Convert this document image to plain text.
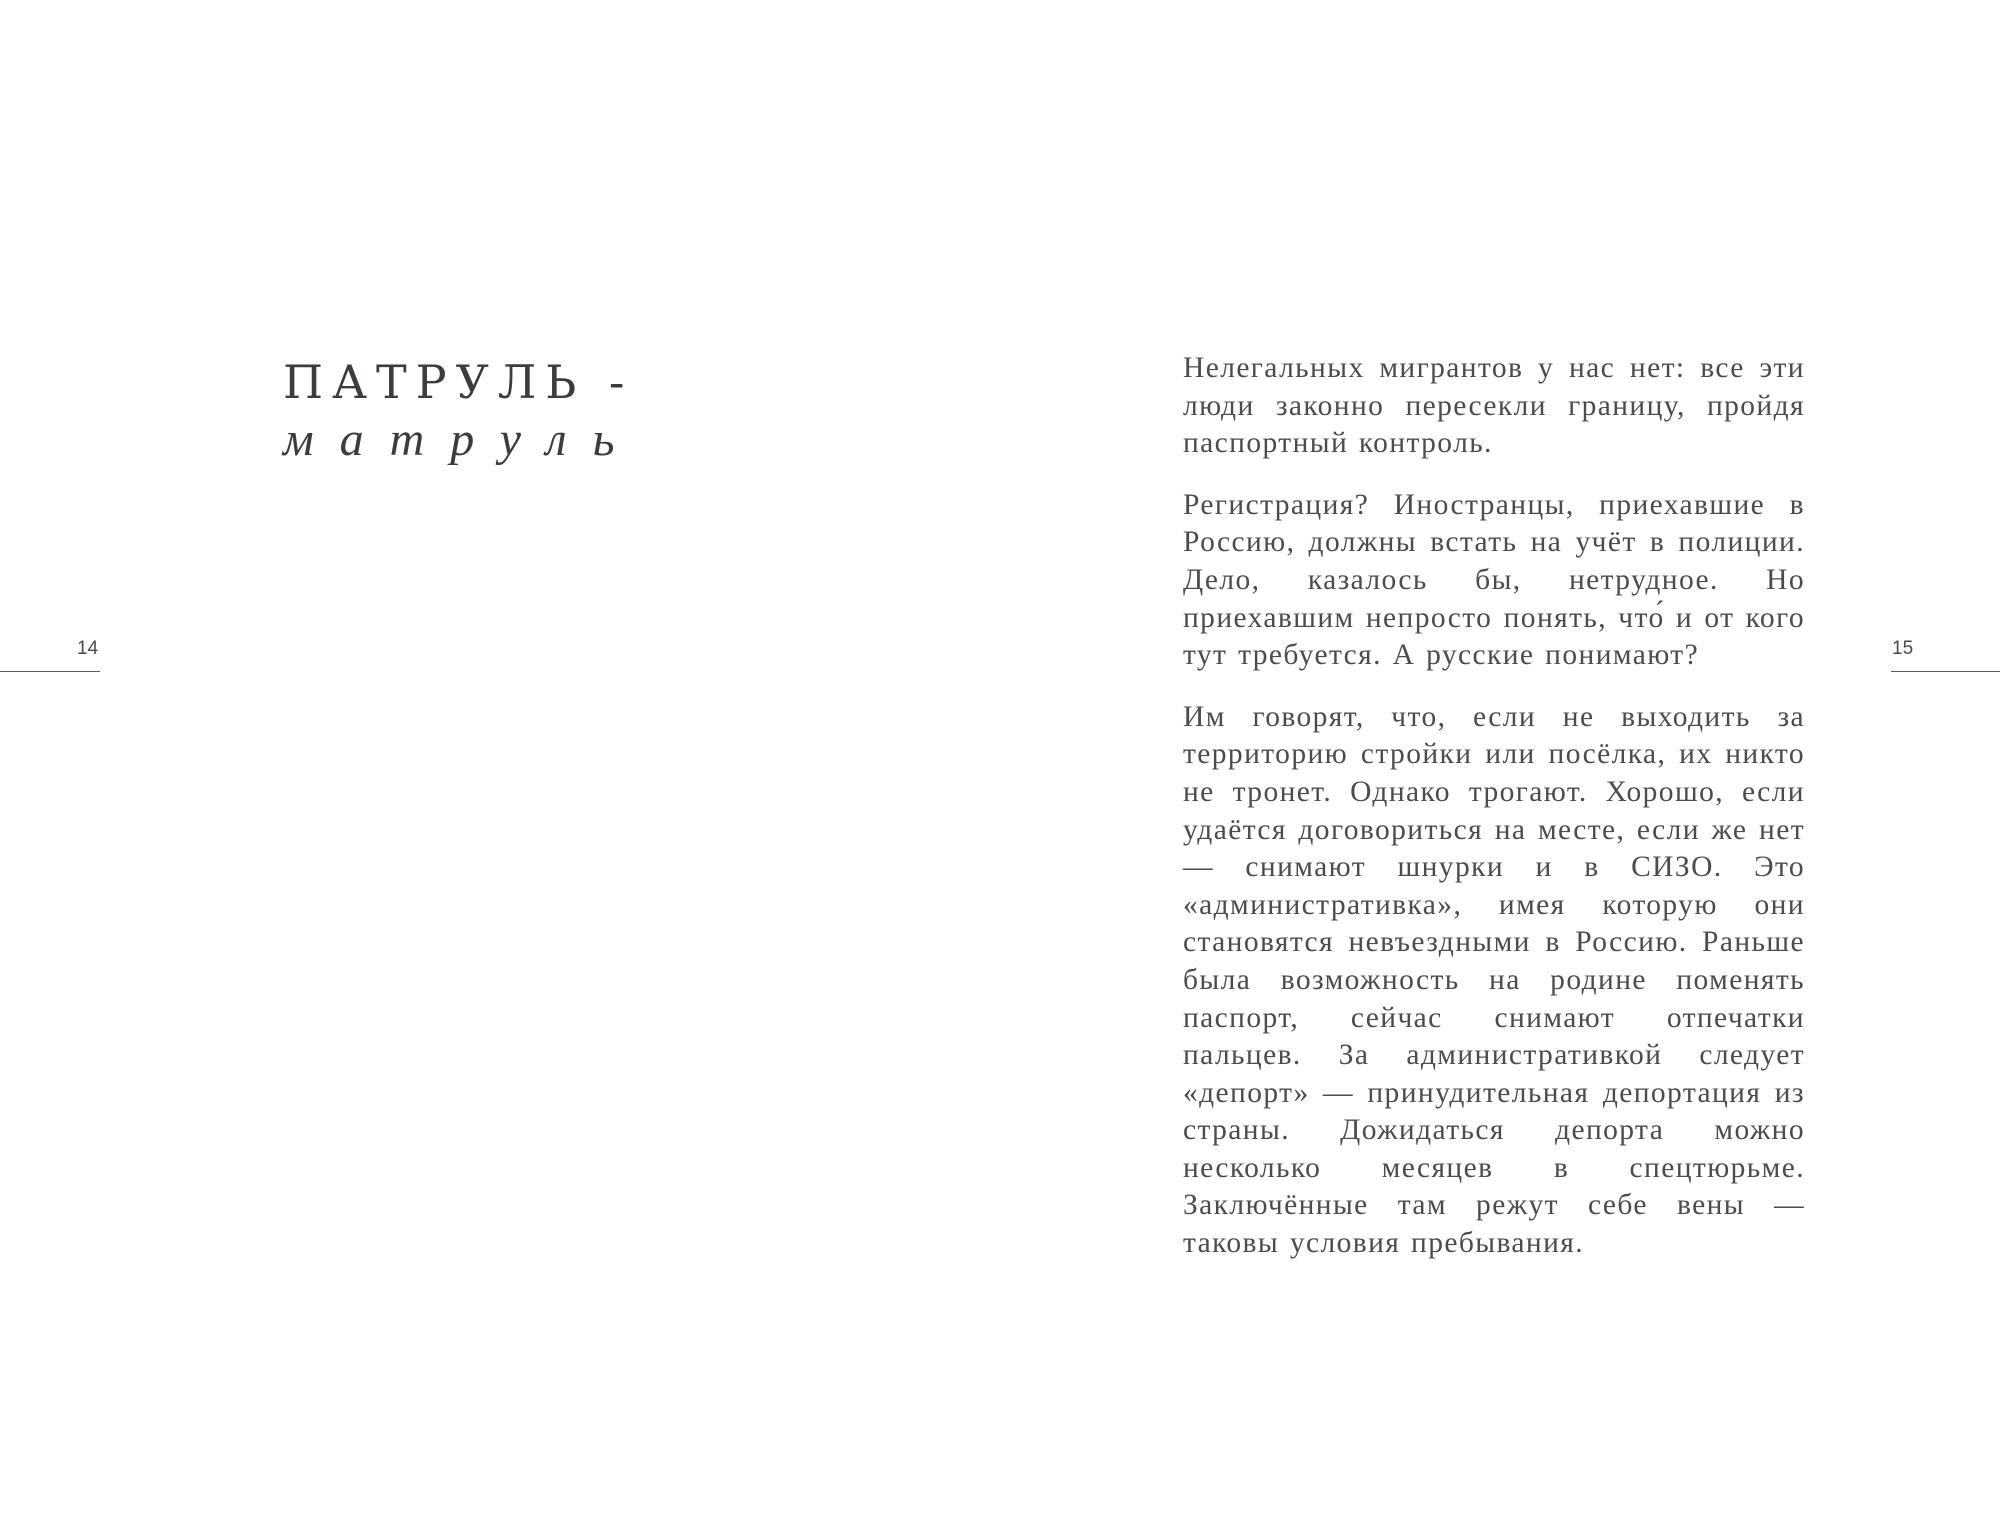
ПАТРУЛЬ -
матруль
14	15

Нелегальных мигрантов у нас нет: все эти люди законно пересекли границу, пройдя паспортный контроль.

Регистрация? Иностранцы, приехавшие в Россию, должны встать на учёт в полиции. Дело, казалось бы, нетрудное. Но приехавшим непросто понять, что́ и от кого тут требуется. А русские понимают?

Им говорят, что, если не выходить за территорию стройки или посёлка, их никто не тронет. Однако трогают. Хорошо, если удаётся договориться на месте, если же нет — снимают шнурки и в СИЗО. Это «административка», имея которую они становятся невъездными в Россию. Раньше была возможность на родине поменять паспорт, сейчас снимают отпечатки пальцев. За административкой следует «депорт» — принудительная депортация из страны. Дожидаться депорта можно несколько месяцев в спецтюрьме. Заключённые там режут себе вены — таковы условия пребывания.
